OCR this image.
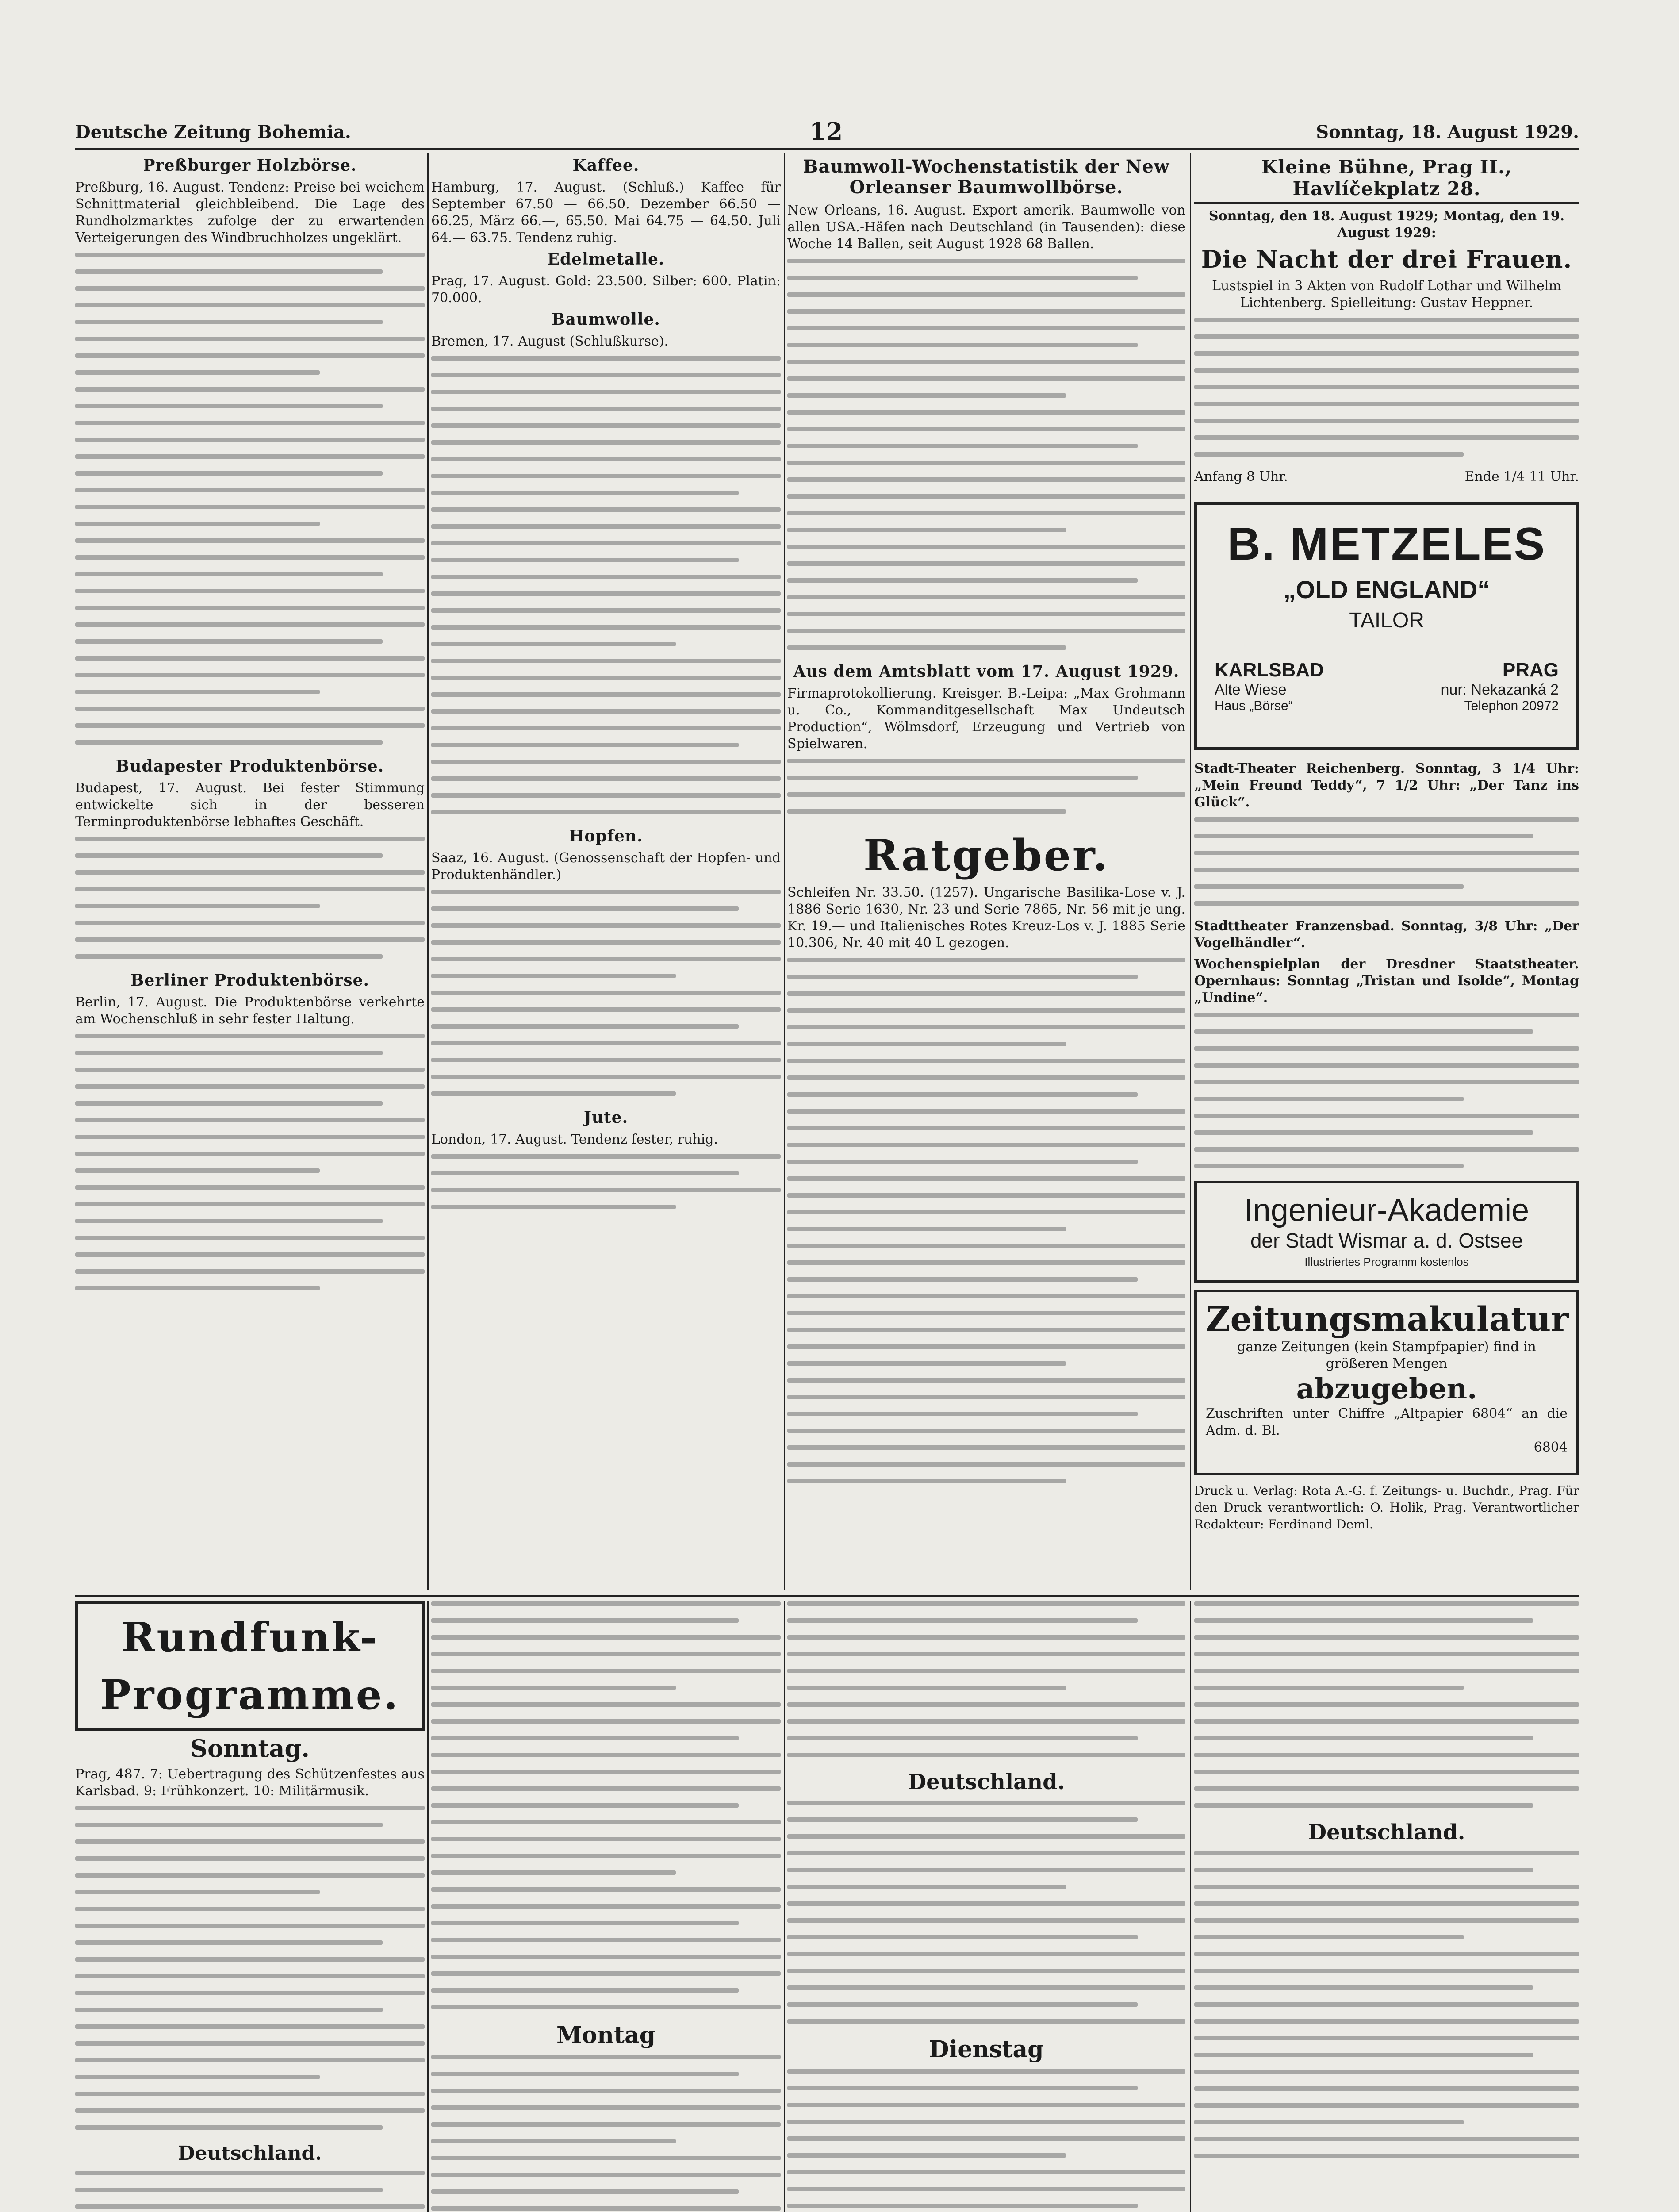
Deutsche Zeitung Bohemia.	12	Sonntag, 18. August 1929.
Preßburger Holzbörse.
Preßburg, 16. August. Tendenz: Preise bei weichem Schnittmaterial gleichbleibend. Die Lage des Rundholzmarktes zufolge der zu erwartenden Verteigerungen des Windbruchholzes ungeklärt.
Budapester Produktenbörse.
Budapest, 17. August. Bei fester Stimmung entwickelte sich in der besseren Terminproduktenbörse lebhaftes Geschäft.
Berliner Produktenbörse.
Berlin, 17. August. Die Produktenbörse verkehrte am Wochenschluß in sehr fester Haltung.
Kaffee.
Hamburg, 17. August. (Schluß.) Kaffee für September 67.50 — 66.50. Dezember 66.50 — 66.25, März 66.—, 65.50. Mai 64.75 — 64.50. Juli 64.— 63.75. Tendenz ruhig.
Edelmetalle.
Prag, 17. August. Gold: 23.500. Silber: 600. Platin: 70.000.
Baumwolle.
Bremen, 17. August (Schlußkurse).
Hopfen.
Saaz, 16. August. (Genossenschaft der Hopfen- und Produktenhändler.)
Jute.
London, 17. August. Tendenz fester, ruhig.
Baumwoll-Wochenstatistik der New Orleanser Baumwollbörse.
New Orleans, 16. August. Export amerik. Baumwolle von allen USA.-Häfen nach Deutschland (in Tausenden): diese Woche 14 Ballen, seit August 1928 68 Ballen.
Aus dem Amtsblatt vom 17. August 1929.
Firmaprotokollierung. Kreisger. B.-Leipa: „Max Grohmann u. Co., Kommanditgesellschaft Max Undeutsch Production“, Wölmsdorf, Erzeugung und Vertrieb von Spielwaren.
Ratgeber.
Schleifen Nr. 33.50. (1257). Ungarische Basilika-Lose v. J. 1886 Serie 1630, Nr. 23 und Serie 7865, Nr. 56 mit je ung. Kr. 19.— und Italienisches Rotes Kreuz-Los v. J. 1885 Serie 10.306, Nr. 40 mit 40 L gezogen.
Kleine Bühne, Prag II., Havlíčekplatz 28.
Sonntag, den 18. August 1929; Montag, den 19. August 1929:
Die Nacht der drei Frauen.
Lustspiel in 3 Akten von Rudolf Lothar und Wilhelm Lichtenberg. Spielleitung: Gustav Heppner.
Anfang 8 Uhr.	Ende 1/4 11 Uhr.
B. METZELES
„OLD ENGLAND“
TAILOR
KARLSBAD
Alte Wiese
Haus „Börse“
PRAG
nur: Nekazanká 2
Telephon 20972
Stadt-Theater Reichenberg. Sonntag, 3 1/4 Uhr: „Mein Freund Teddy“, 7 1/2 Uhr: „Der Tanz ins Glück“.
Stadttheater Franzensbad. Sonntag, 3/8 Uhr: „Der Vogelhändler“.
Wochenspielplan der Dresdner Staatstheater. Opernhaus: Sonntag „Tristan und Isolde“, Montag „Undine“.
Ingenieur-Akademie
der Stadt Wismar a. d. Ostsee
Illustriertes Programm kostenlos
Zeitungsmakulatur
ganze Zeitungen (kein Stampfpapier) find in größeren Mengen
abzugeben.
Zuschriften unter Chiffre „Altpapier 6804“ an die Adm. d. Bl.
6804
Druck u. Verlag: Rota A.-G. f. Zeitungs- u. Buchdr., Prag. Für den Druck verantwortlich: O. Holik, Prag. Verantwortlicher Redakteur: Ferdinand Deml.
Rundfunk-Programme.
Sonntag.
Prag, 487. 7: Uebertragung des Schützenfestes aus Karlsbad. 9: Frühkonzert. 10: Militärmusik.
Deutschland.
Montag
Deutschland.
Dienstag
Deutschland.
